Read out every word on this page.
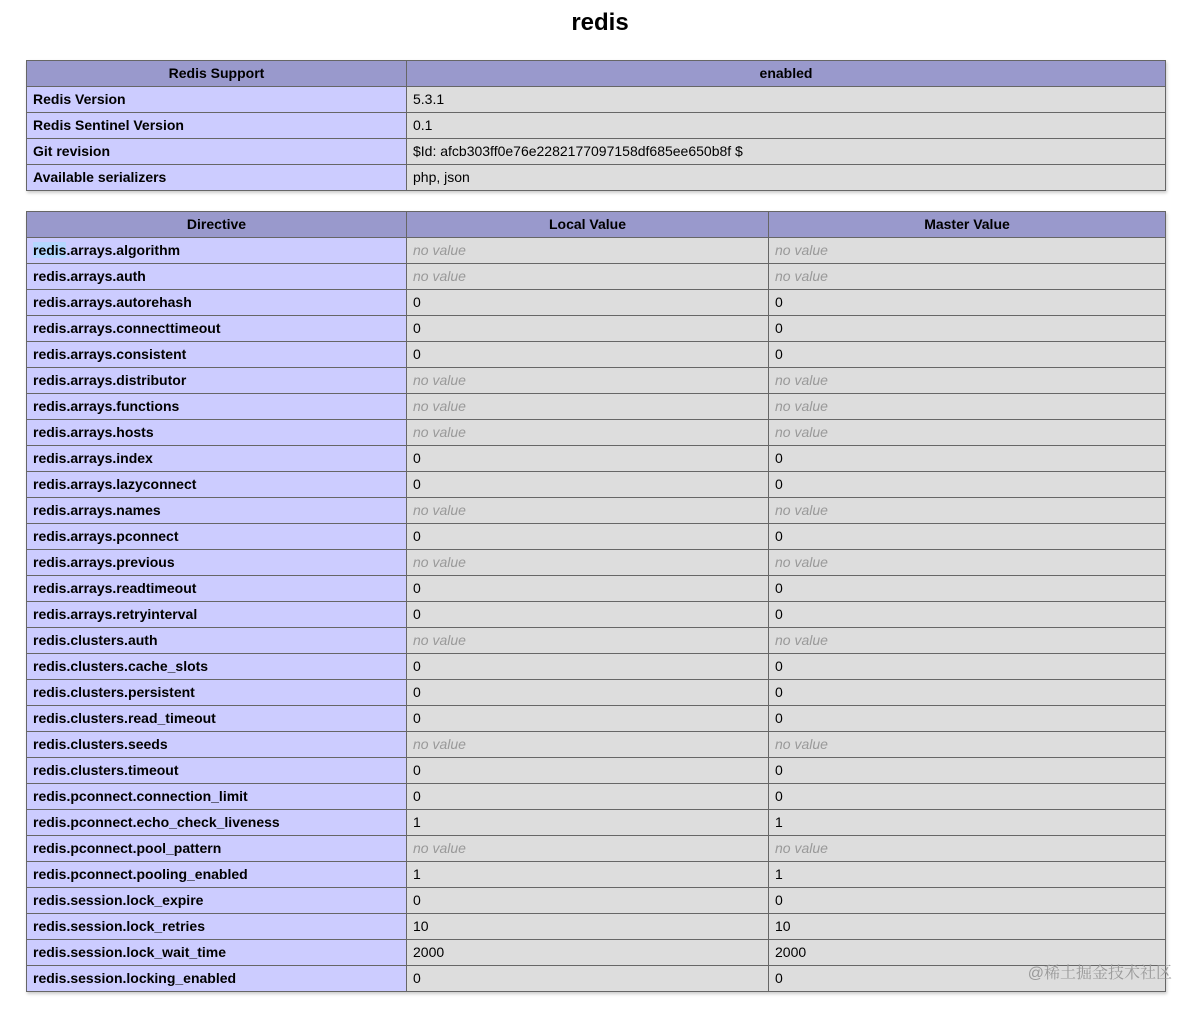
redis
Redis Support	enabled
Redis Version	5.3.1
Redis Sentinel Version	0.1
Git revision	$Id: afcb303ff0e76e2282177097158df685ee650b8f $
Available serializers	php, json
Directive	Local Value	Master Value
redis.arrays.algorithm	no value	no value
redis.arrays.auth	no value	no value
redis.arrays.autorehash	0	0
redis.arrays.connecttimeout	0	0
redis.arrays.consistent	0	0
redis.arrays.distributor	no value	no value
redis.arrays.functions	no value	no value
redis.arrays.hosts	no value	no value
redis.arrays.index	0	0
redis.arrays.lazyconnect	0	0
redis.arrays.names	no value	no value
redis.arrays.pconnect	0	0
redis.arrays.previous	no value	no value
redis.arrays.readtimeout	0	0
redis.arrays.retryinterval	0	0
redis.clusters.auth	no value	no value
redis.clusters.cache_slots	0	0
redis.clusters.persistent	0	0
redis.clusters.read_timeout	0	0
redis.clusters.seeds	no value	no value
redis.clusters.timeout	0	0
redis.pconnect.connection_limit	0	0
redis.pconnect.echo_check_liveness	1	1
redis.pconnect.pool_pattern	no value	no value
redis.pconnect.pooling_enabled	1	1
redis.session.lock_expire	0	0
redis.session.lock_retries	10	10
redis.session.lock_wait_time	2000	2000
redis.session.locking_enabled	0	0	@稀土掘金技术社区
